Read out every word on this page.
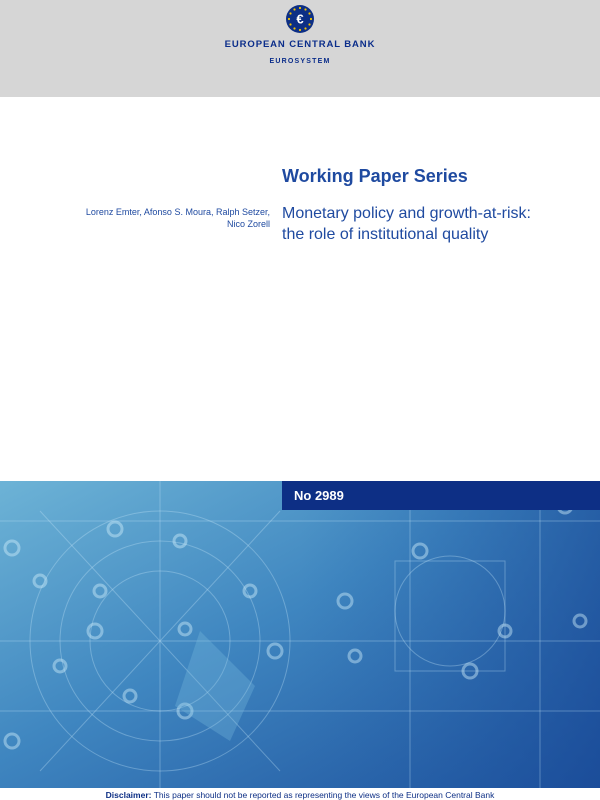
€
EUROPEAN CENTRAL BANK
EUROSYSTEM
Working Paper Series
Lorenz Emter, Afonso S. Moura, Ralph Setzer,
Nico Zorell
Monetary policy and growth-at-risk:
the role of institutional quality
No 2989
Disclaimer: This paper should not be reported as representing the views of the European Central Bank
